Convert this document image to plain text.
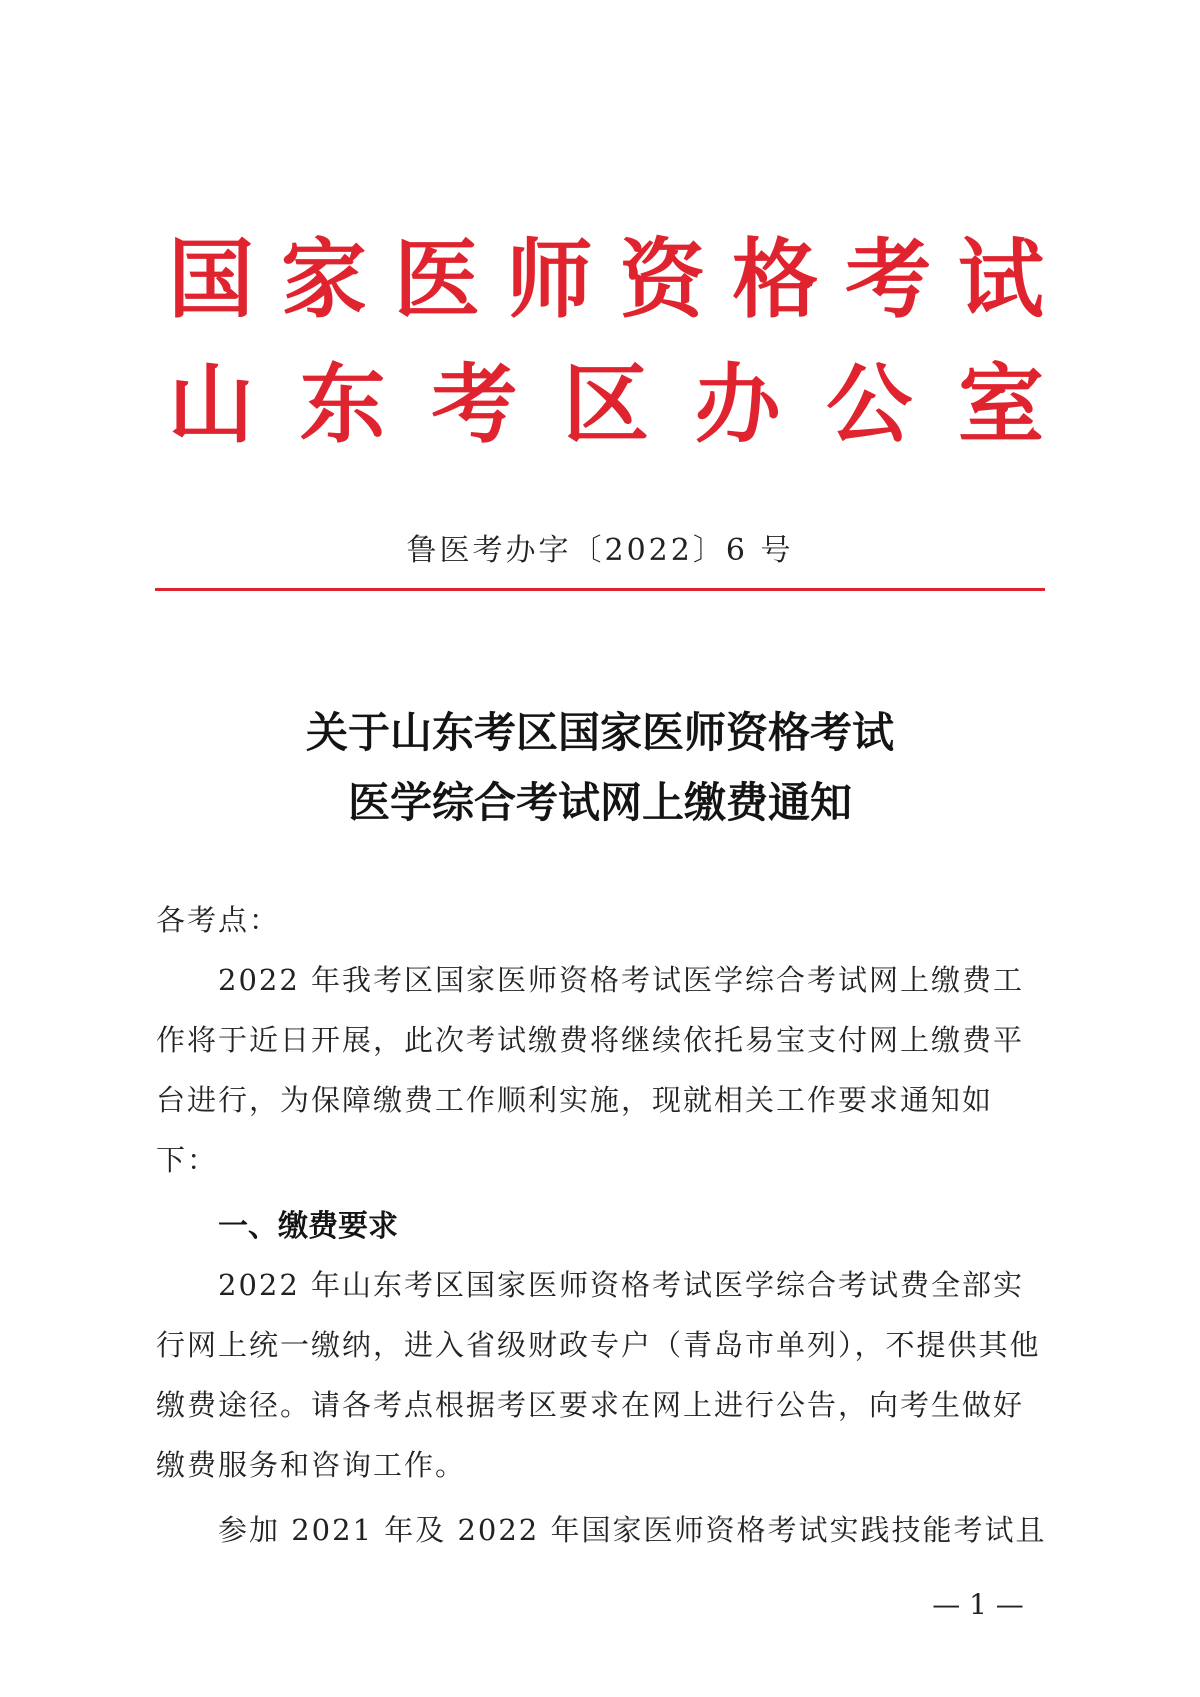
国 家 医 师 资 格 考 试
山 东 考 区 办 公 室
鲁医考办字〔2022〕6 号
关于山东考区国家医师资格考试
医学综合考试网上缴费通知
各考点：
2022 年我考区国家医师资格考试医学综合考试网上缴费工作将于近日开展，此次考试缴费将继续依托易宝支付网上缴费平台进行，为保障缴费工作顺利实施，现就相关工作要求通知如下：
一、缴费要求
2022 年山东考区国家医师资格考试医学综合考试费全部实行网上统一缴纳，进入省级财政专户（青岛市单列），不提供其他缴费途径。请各考点根据考区要求在网上进行公告，向考生做好缴费服务和咨询工作。
参加 2021 年及 2022 年国家医师资格考试实践技能考试且
— 1 —
